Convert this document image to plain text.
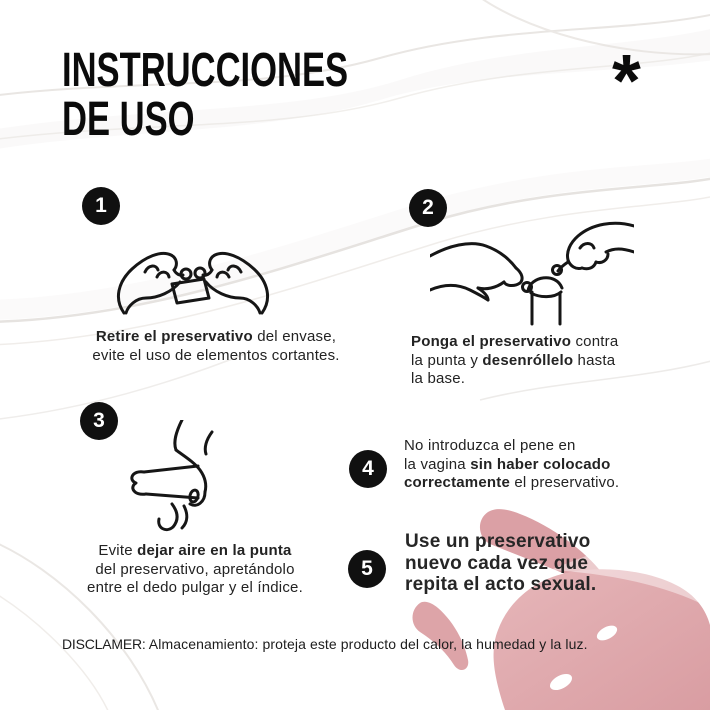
INSTRUCCIONES
DE USO	*
1
Retire el preservativo del envase,
evite el uso de elementos cortantes.
2
Ponga el preservativo contra
la punta y desenróllelo hasta
la base.
3
Evite dejar aire en la punta
del preservativo, apretándolo
entre el dedo pulgar y el índice.
4
No introduzca el pene en
la vagina sin haber colocado
correctamente el preservativo.
5
Use un preservativo
nuevo cada vez que
repita el acto sexual.
DISCLAMER: Almacenamiento: proteja este producto del calor, la humedad y la luz.
